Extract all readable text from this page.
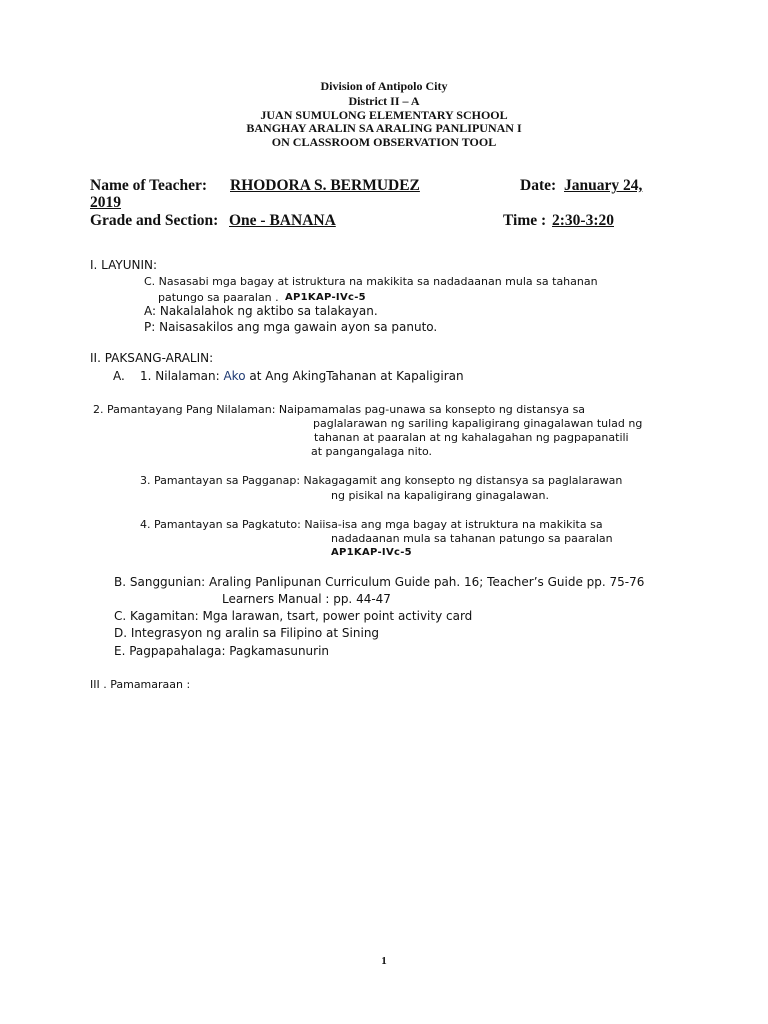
Division of Antipolo City
District II – A
JUAN SUMULONG ELEMENTARY SCHOOL
BANGHAY ARALIN SA ARALING PANLIPUNAN I
ON CLASSROOM OBSERVATION TOOL
Name of Teacher: RHODORA S. BERMUDEZ	Date: January 24,
2019
Grade and Section: One - BANANA	Time : 2:30-3:20
I. LAYUNIN:
C. Nasasabi mga bagay at istruktura na makikita sa nadadaanan mula sa tahanan
patungo sa paaralan . AP1KAP-IVc-5
A: Nakalalahok ng aktibo sa talakayan.
P: Naisasakilos ang mga gawain ayon sa panuto.
II. PAKSANG-ARALIN:
A. 1. Nilalaman: Ako at Ang AkingTahanan at Kapaligiran
2. Pamantayang Pang Nilalaman: Naipamamalas pag-unawa sa konsepto ng distansya sa
paglalarawan ng sariling kapaligirang ginagalawan tulad ng
tahanan at paaralan at ng kahalagahan ng pagpapanatili
at pangangalaga nito.
3. Pamantayan sa Pagganap: Nakagagamit ang konsepto ng distansya sa paglalarawan
ng pisikal na kapaligirang ginagalawan.
4. Pamantayan sa Pagkatuto: Naiisa-isa ang mga bagay at istruktura na makikita sa
nadadaanan mula sa tahanan patungo sa paaralan
AP1KAP-IVc-5
B. Sanggunian: Araling Panlipunan Curriculum Guide pah. 16; Teacher’s Guide pp. 75-76
Learners Manual : pp. 44-47
C. Kagamitan: Mga larawan, tsart, power point activity card
D. Integrasyon ng aralin sa Filipino at Sining
E. Pagpapahalaga: Pagkamasunurin
III . Pamamaraan :
1
